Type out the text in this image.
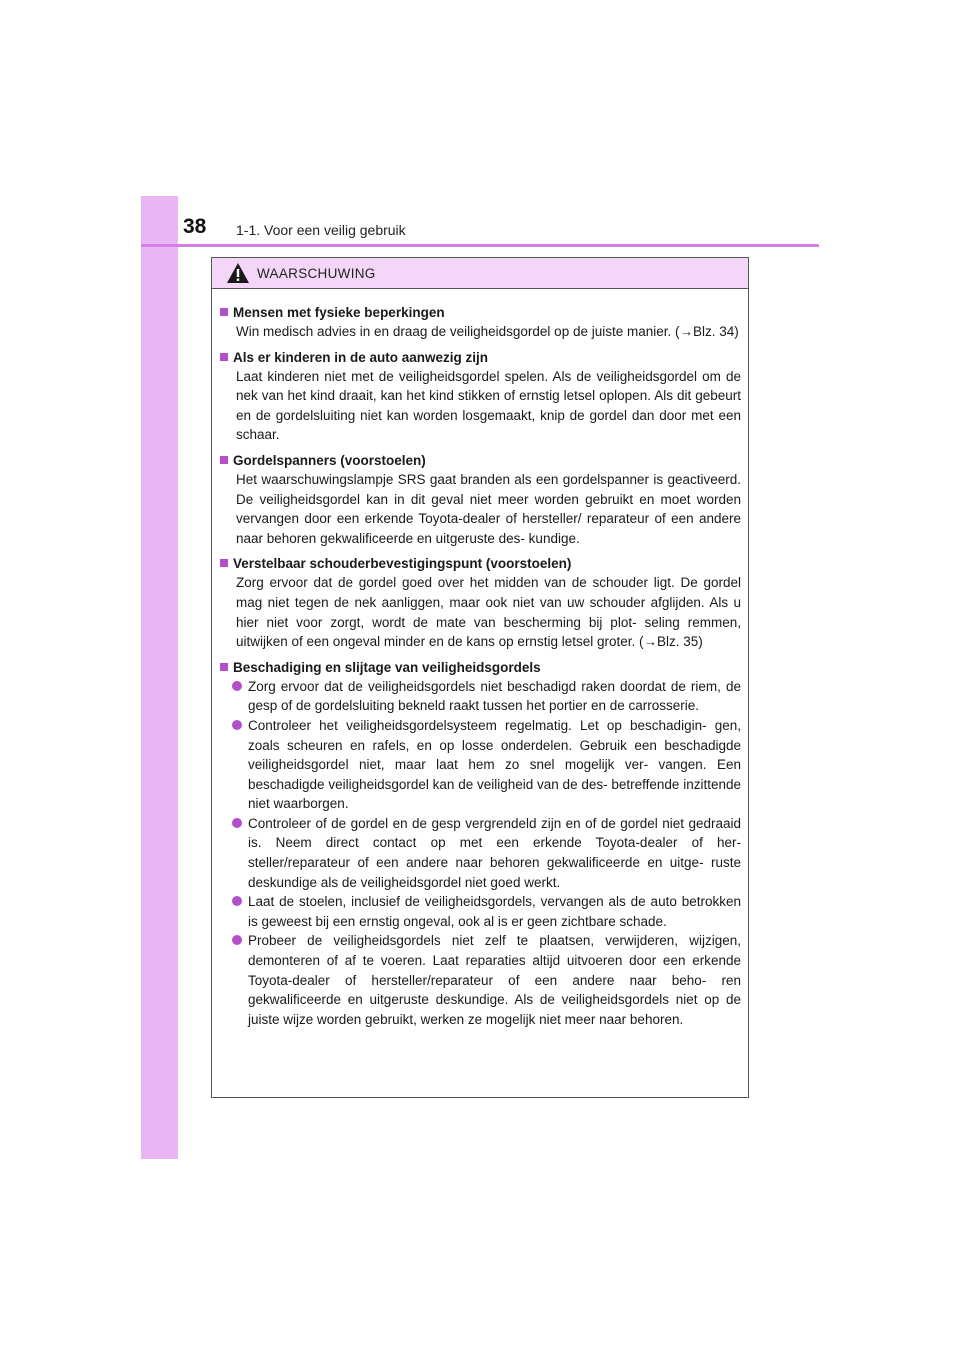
38 1-1. Voor een veilig gebruik
WAARSCHUWING
Mensen met fysieke beperkingen
Win medisch advies in en draag de veiligheidsgordel op de juiste manier. (→Blz. 34)
Als er kinderen in de auto aanwezig zijn
Laat kinderen niet met de veiligheidsgordel spelen. Als de veiligheidsgordel om de nek van het kind draait, kan het kind stikken of ernstig letsel oplopen. Als dit gebeurt en de gordelsluiting niet kan worden losgemaakt, knip de gordel dan door met een schaar.
Gordelspanners (voorstoelen)
Het waarschuwingslampje SRS gaat branden als een gordelspanner is geactiveerd. De veiligheidsgordel kan in dit geval niet meer worden gebruikt en moet worden vervangen door een erkende Toyota-dealer of hersteller/ reparateur of een andere naar behoren gekwalificeerde en uitgeruste des- kundige.
Verstelbaar schouderbevestigingspunt (voorstoelen)
Zorg ervoor dat de gordel goed over het midden van de schouder ligt. De gordel mag niet tegen de nek aanliggen, maar ook niet van uw schouder afglijden. Als u hier niet voor zorgt, wordt de mate van bescherming bij plot- seling remmen, uitwijken of een ongeval minder en de kans op ernstig letsel groter. (→Blz. 35)
Beschadiging en slijtage van veiligheidsgordels
Zorg ervoor dat de veiligheidsgordels niet beschadigd raken doordat de riem, de gesp of de gordelsluiting bekneld raakt tussen het portier en de carrosserie.
Controleer het veiligheidsgordelsysteem regelmatig. Let op beschadigin- gen, zoals scheuren en rafels, en op losse onderdelen. Gebruik een beschadigde veiligheidsgordel niet, maar laat hem zo snel mogelijk ver- vangen. Een beschadigde veiligheidsgordel kan de veiligheid van de des- betreffende inzittende niet waarborgen.
Controleer of de gordel en de gesp vergrendeld zijn en of de gordel niet gedraaid is. Neem direct contact op met een erkende Toyota-dealer of her- steller/reparateur of een andere naar behoren gekwalificeerde en uitge- ruste deskundige als de veiligheidsgordel niet goed werkt.
Laat de stoelen, inclusief de veiligheidsgordels, vervangen als de auto betrokken is geweest bij een ernstig ongeval, ook al is er geen zichtbare schade.
Probeer de veiligheidsgordels niet zelf te plaatsen, verwijderen, wijzigen, demonteren of af te voeren. Laat reparaties altijd uitvoeren door een erkende Toyota-dealer of hersteller/reparateur of een andere naar beho- ren gekwalificeerde en uitgeruste deskundige. Als de veiligheidsgordels niet op de juiste wijze worden gebruikt, werken ze mogelijk niet meer naar behoren.
